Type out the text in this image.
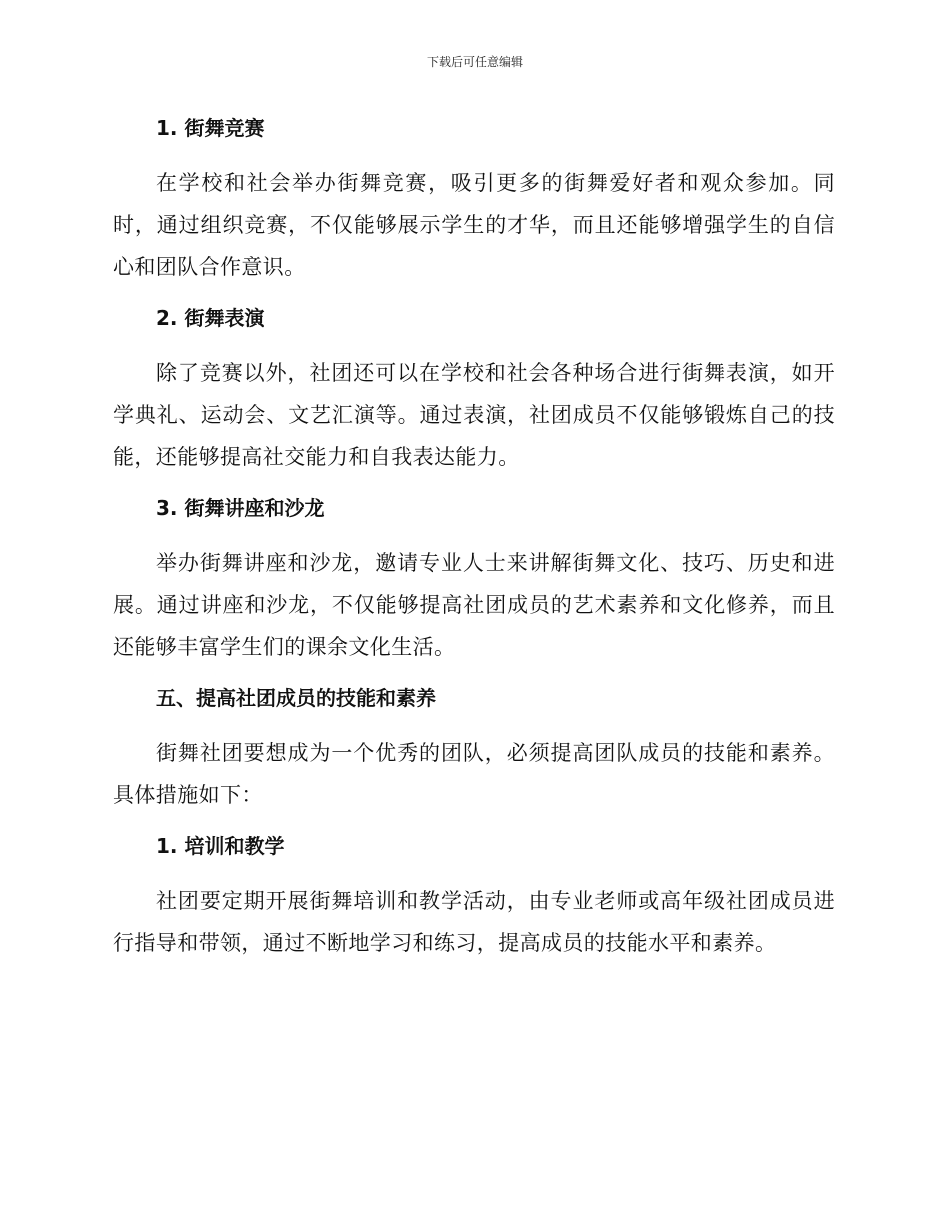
下载后可任意编辑
1. 街舞竞赛

在学校和社会举办街舞竞赛，吸引更多的街舞爱好者和观众参加。同时，通过组织竞赛，不仅能够展示学生的才华，而且还能够增强学生的自信心和团队合作意识。

2. 街舞表演

除了竞赛以外，社团还可以在学校和社会各种场合进行街舞表演，如开学典礼、运动会、文艺汇演等。通过表演，社团成员不仅能够锻炼自己的技能，还能够提高社交能力和自我表达能力。

3. 街舞讲座和沙龙

举办街舞讲座和沙龙，邀请专业人士来讲解街舞文化、技巧、历史和进展。通过讲座和沙龙，不仅能够提高社团成员的艺术素养和文化修养，而且还能够丰富学生们的课余文化生活。

五、提高社团成员的技能和素养

街舞社团要想成为一个优秀的团队，必须提高团队成员的技能和素养。具体措施如下：

1. 培训和教学

社团要定期开展街舞培训和教学活动，由专业老师或高年级社团成员进行指导和带领，通过不断地学习和练习，提高成员的技能水平和素养。
